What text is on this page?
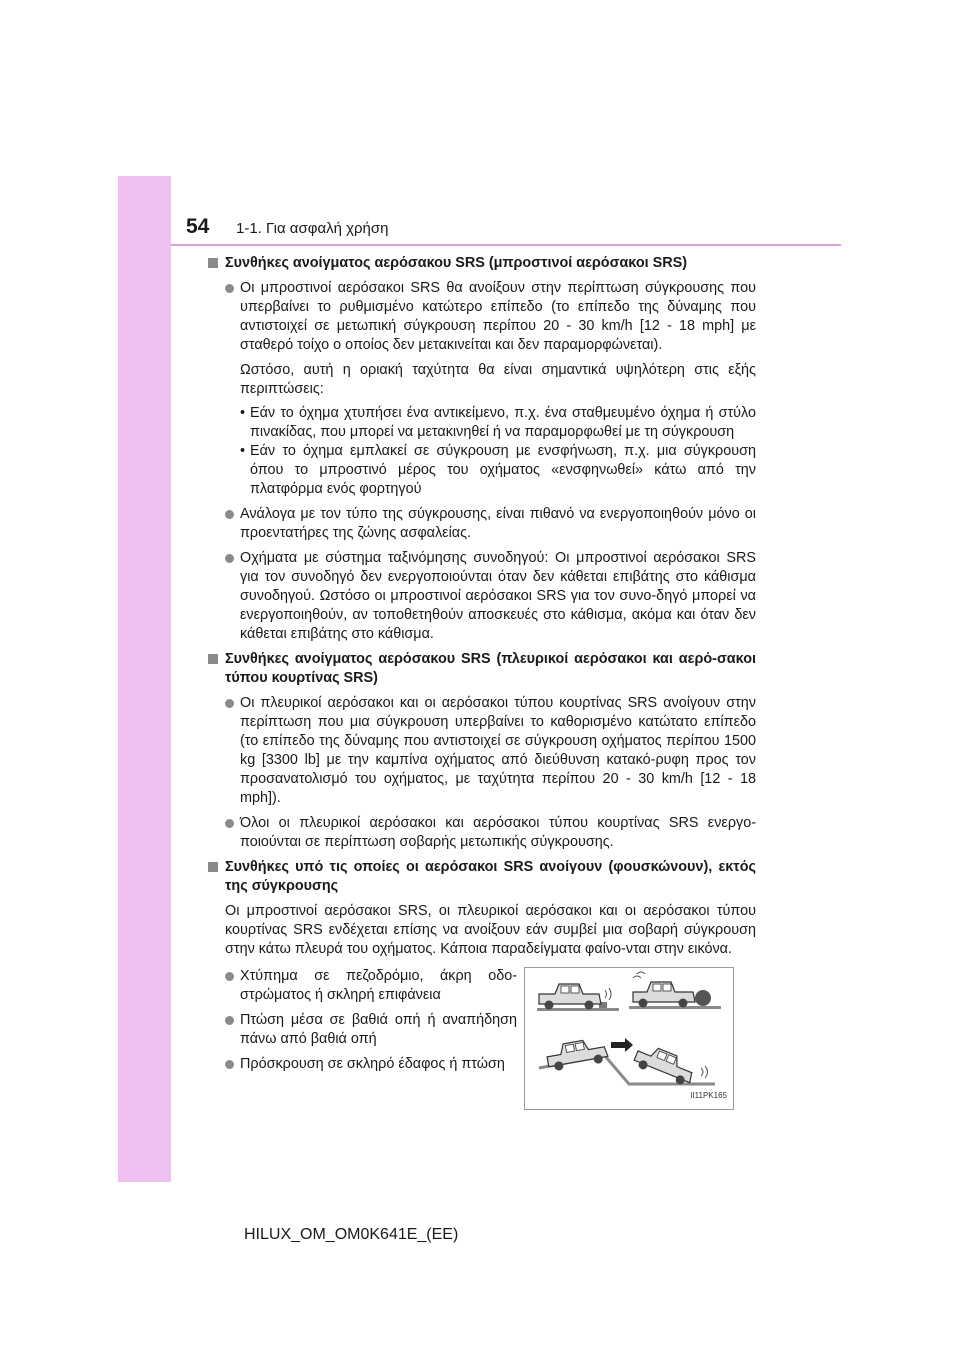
54 1-1. Για ασφαλή χρήση
Συνθήκες ανοίγματος αερόσακου SRS (μπροστινοί αερόσακοι SRS)
Οι μπροστινοί αερόσακοι SRS θα ανοίξουν στην περίπτωση σύγκρουσης που υπερβαίνει το ρυθμισμένο κατώτερο επίπεδο (το επίπεδο της δύναμης που αντιστοιχεί σε μετωπική σύγκρουση περίπου 20 - 30 km/h [12 - 18 mph] με σταθερό τοίχο ο οποίος δεν μετακινείται και δεν παραμορφώνεται).
Ωστόσο, αυτή η οριακή ταχύτητα θα είναι σημαντικά υψηλότερη στις εξής περιπτώσεις:
• Εάν το όχημα χτυπήσει ένα αντικείμενο, π.χ. ένα σταθμευμένο όχημα ή στύλο πινακίδας, που μπορεί να μετακινηθεί ή να παραμορφωθεί με τη σύγκρουση
• Εάν το όχημα εμπλακεί σε σύγκρουση με ενσφήνωση, π.χ. μια σύγκρουση όπου το μπροστινό μέρος του οχήματος «ενσφηνωθεί» κάτω από την πλατφόρμα ενός φορτηγού
Ανάλογα με τον τύπο της σύγκρουσης, είναι πιθανό να ενεργοποιηθούν μόνο οι προεντατήρες της ζώνης ασφαλείας.
Οχήματα με σύστημα ταξινόμησης συνοδηγού: Οι μπροστινοί αερόσακοι SRS για τον συνοδηγό δεν ενεργοποιούνται όταν δεν κάθεται επιβάτης στο κάθισμα συνοδηγού. Ωστόσο οι μπροστινοί αερόσακοι SRS για τον συνο-δηγό μπορεί να ενεργοποιηθούν, αν τοποθετηθούν αποσκευές στο κάθισμα, ακόμα και όταν δεν κάθεται επιβάτης στο κάθισμα.
Συνθήκες ανοίγματος αερόσακου SRS (πλευρικοί αερόσακοι και αερό-σακοι τύπου κουρτίνας SRS)
Οι πλευρικοί αερόσακοι και οι αερόσακοι τύπου κουρτίνας SRS ανοίγουν στην περίπτωση που μια σύγκρουση υπερβαίνει το καθορισμένο κατώτατο επίπεδο (το επίπεδο της δύναμης που αντιστοιχεί σε σύγκρουση οχήματος περίπου 1500 kg [3300 lb] με την καμπίνα οχήματος από διεύθυνση κατακό-ρυφη προς τον προσανατολισμό του οχήματος, με ταχύτητα περίπου 20 - 30 km/h [12 - 18 mph]).
Όλοι οι πλευρικοί αερόσακοι και αερόσακοι τύπου κουρτίνας SRS ενεργο-ποιούνται σε περίπτωση σοβαρής μετωπικής σύγκρουσης.
Συνθήκες υπό τις οποίες οι αερόσακοι SRS ανοίγουν (φουσκώνουν), εκτός της σύγκρουσης
Οι μπροστινοί αερόσακοι SRS, οι πλευρικοί αερόσακοι και οι αερόσακοι τύπου κουρτίνας SRS ενδέχεται επίσης να ανοίξουν εάν συμβεί μια σοβαρή σύγκρουση στην κάτω πλευρά του οχήματος. Κάποια παραδείγματα φαίνο-νται στην εικόνα.
Χτύπημα σε πεζοδρόμιο, άκρη οδο-στρώματος ή σκληρή επιφάνεια
Πτώση μέσα σε βαθιά οπή ή αναπήδηση πάνω από βαθιά οπή
Πρόσκρουση σε σκληρό έδαφος ή πτώση
II11PK165
HILUX_OM_OM0K641E_(EE)
